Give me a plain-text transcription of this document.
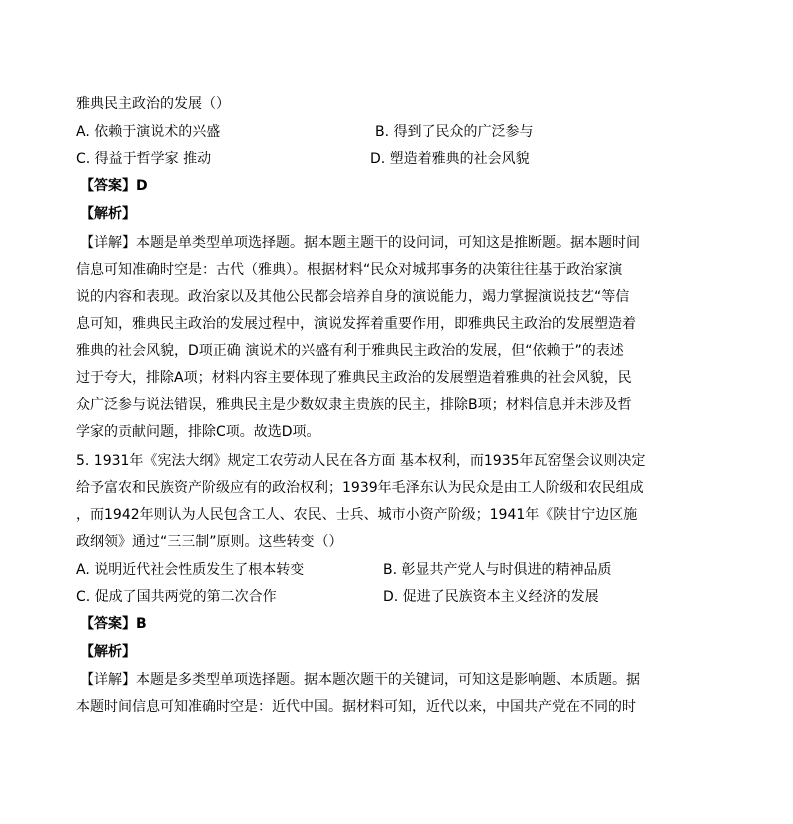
雅典民主政治的发展（）
A. 依赖于演说术的兴盛	B. 得到了民众的广泛参与
C. 得益于哲学家 推动	D. 塑造着雅典的社会风貌
【答案】D
【解析】
【详解】本题是单类型单项选择题。据本题主题干的设问词，可知这是推断题。据本题时间
信息可知准确时空是：古代（雅典）。根据材料“民众对城邦事务的决策往往基于政治家演
说的内容和表现。政治家以及其他公民都会培养自身的演说能力，竭力掌握演说技艺“等信
息可知，雅典民主政治的发展过程中，演说发挥着重要作用，即雅典民主政治的发展塑造着
雅典的社会风貌，D项正确 演说术的兴盛有利于雅典民主政治的发展，但“依赖于”的表述
过于夸大，排除A项；材料内容主要体现了雅典民主政治的发展塑造着雅典的社会风貌，民
众广泛参与说法错误，雅典民主是少数奴隶主贵族的民主，排除B项；材料信息并未涉及哲
学家的贡献问题，排除C项。故选D项。
5. 1931年《宪法大纲》规定工农劳动人民在各方面 基本权利，而1935年瓦窑堡会议则决定
给予富农和民族资产阶级应有的政治权利；1939年毛泽东认为民众是由工人阶级和农民组成
，而1942年则认为人民包含工人、农民、士兵、城市小资产阶级；1941年《陕甘宁边区施
政纲领》通过“三三制”原则。这些转变（）
A. 说明近代社会性质发生了根本转变	B. 彰显共产党人与时俱进的精神品质
C. 促成了国共两党的第二次合作	D. 促进了民族资本主义经济的发展
【答案】B
【解析】
【详解】本题是多类型单项选择题。据本题次题干的关键词，可知这是影响题、本质题。据
本题时间信息可知准确时空是：近代中国。据材料可知，近代以来，中国共产党在不同的时
